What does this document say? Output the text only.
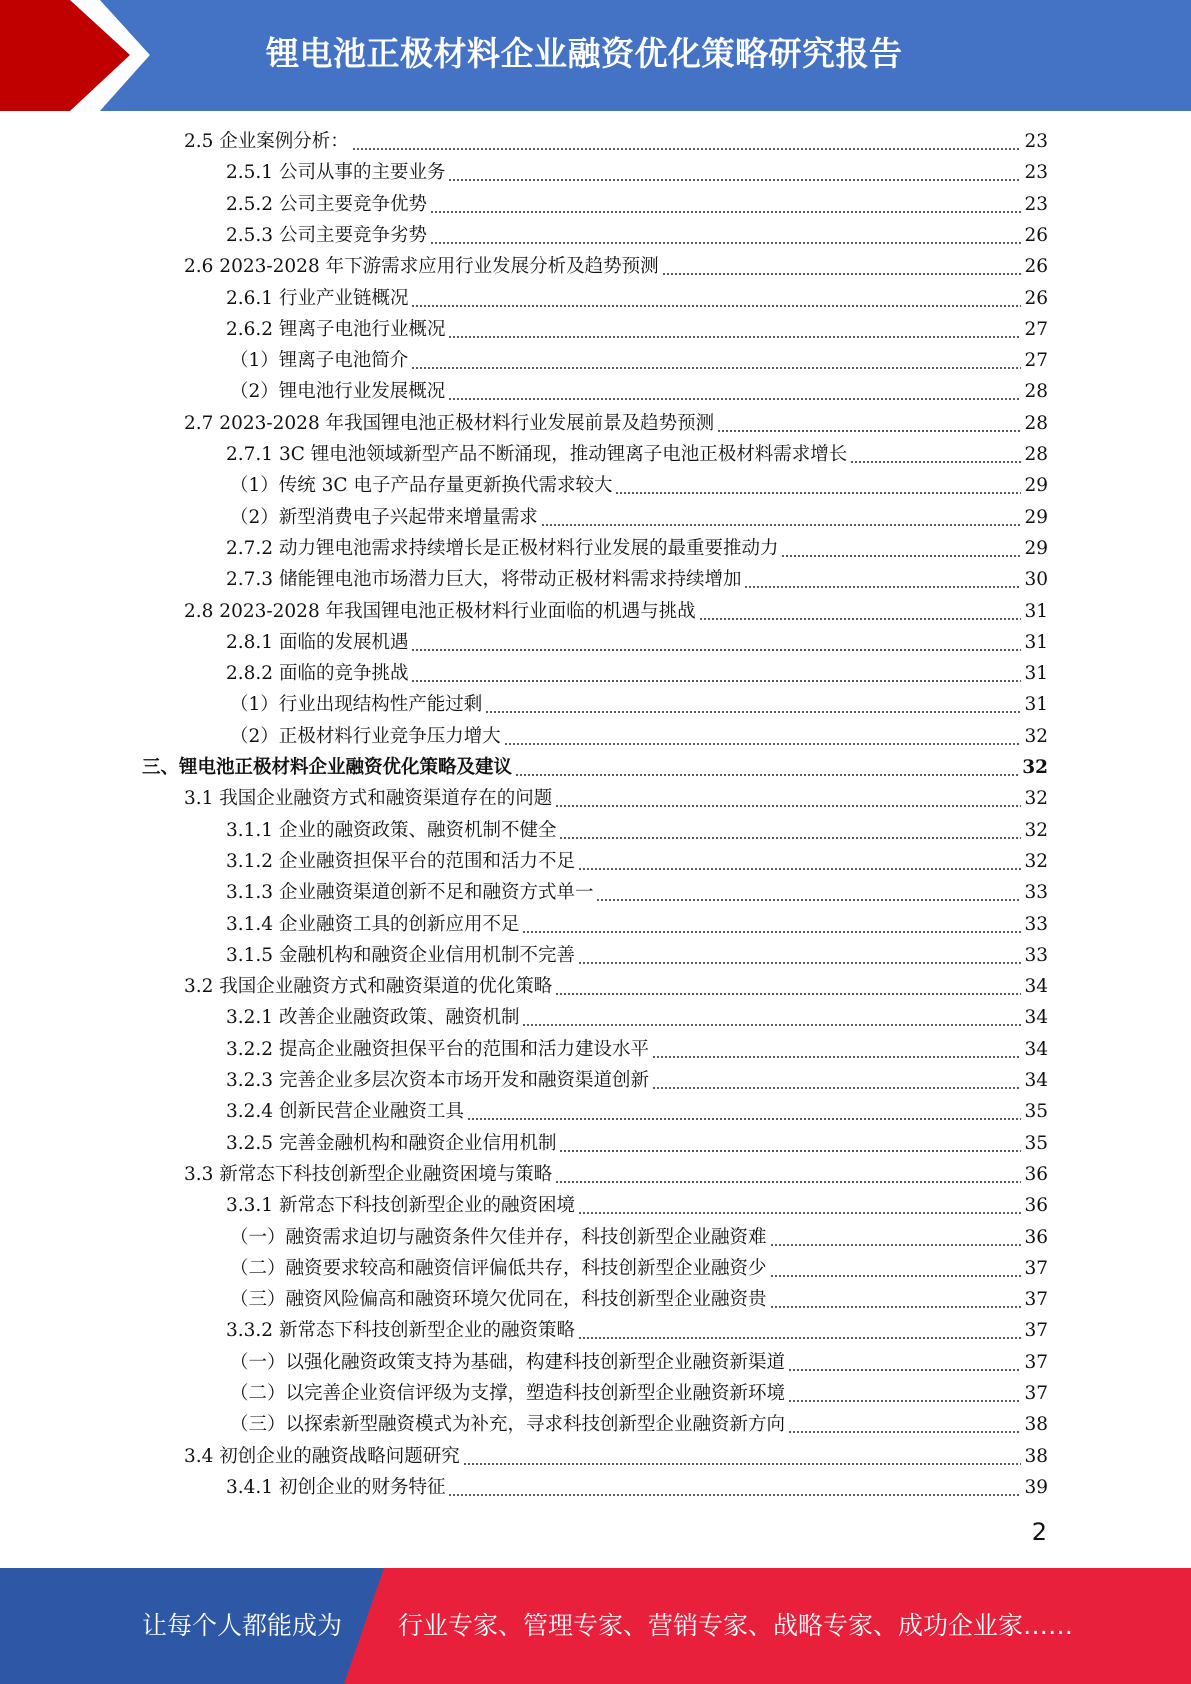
锂电池正极材料企业融资优化策略研究报告
2.5 企业案例分析：	23
2.5.1 公司从事的主要业务	23
2.5.2 公司主要竞争优势	23
2.5.3 公司主要竞争劣势	26
2.6 2023-2028 年下游需求应用行业发展分析及趋势预测	26
2.6.1 行业产业链概况	26
2.6.2 锂离子电池行业概况	27
（1）锂离子电池简介	27
（2）锂电池行业发展概况	28
2.7 2023-2028 年我国锂电池正极材料行业发展前景及趋势预测	28
2.7.1 3C 锂电池领域新型产品不断涌现，推动锂离子电池正极材料需求增长	28
（1）传统 3C 电子产品存量更新换代需求较大	29
（2）新型消费电子兴起带来增量需求	29
2.7.2 动力锂电池需求持续增长是正极材料行业发展的最重要推动力	29
2.7.3 储能锂电池市场潜力巨大，将带动正极材料需求持续增加	30
2.8 2023-2028 年我国锂电池正极材料行业面临的机遇与挑战	31
2.8.1 面临的发展机遇	31
2.8.2 面临的竞争挑战	31
（1）行业出现结构性产能过剩	31
（2）正极材料行业竞争压力增大	32
三、锂电池正极材料企业融资优化策略及建议	32
3.1 我国企业融资方式和融资渠道存在的问题	32
3.1.1 企业的融资政策、融资机制不健全	32
3.1.2 企业融资担保平台的范围和活力不足	32
3.1.3 企业融资渠道创新不足和融资方式单一	33
3.1.4 企业融资工具的创新应用不足	33
3.1.5 金融机构和融资企业信用机制不完善	33
3.2 我国企业融资方式和融资渠道的优化策略	34
3.2.1 改善企业融资政策、融资机制	34
3.2.2 提高企业融资担保平台的范围和活力建设水平	34
3.2.3 完善企业多层次资本市场开发和融资渠道创新	34
3.2.4 创新民营企业融资工具	35
3.2.5 完善金融机构和融资企业信用机制	35
3.3 新常态下科技创新型企业融资困境与策略	36
3.3.1 新常态下科技创新型企业的融资困境	36
（一）融资需求迫切与融资条件欠佳并存，科技创新型企业融资难	36
（二）融资要求较高和融资信评偏低共存，科技创新型企业融资少	37
（三）融资风险偏高和融资环境欠优同在，科技创新型企业融资贵	37
3.3.2 新常态下科技创新型企业的融资策略	37
（一）以强化融资政策支持为基础，构建科技创新型企业融资新渠道	37
（二）以完善企业资信评级为支撑，塑造科技创新型企业融资新环境	37
（三）以探索新型融资模式为补充，寻求科技创新型企业融资新方向	38
3.4 初创企业的融资战略问题研究	38
3.4.1 初创企业的财务特征	39
2
让每个人都能成为 行业专家、管理专家、营销专家、战略专家、成功企业家……
